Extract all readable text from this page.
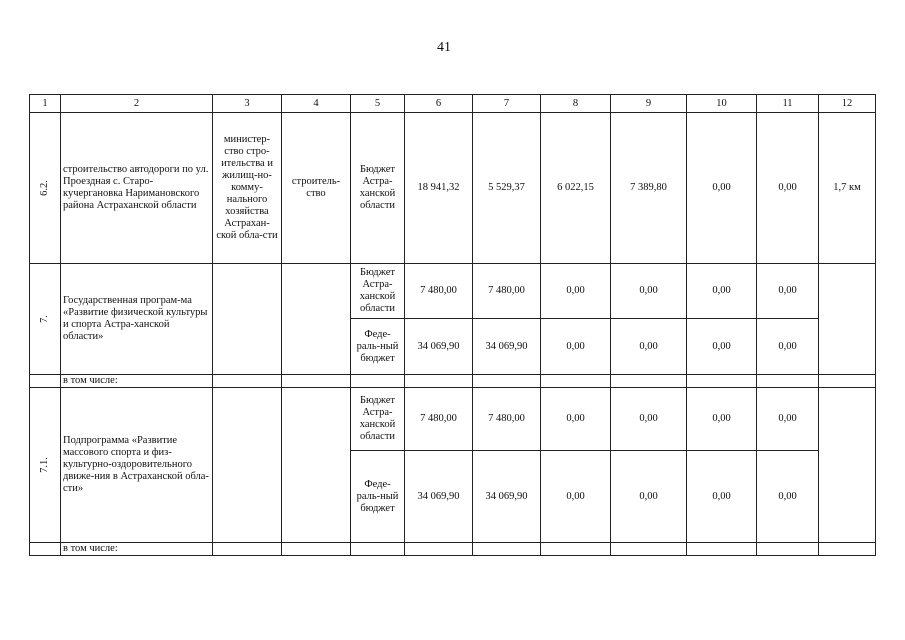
41
1	2	3	4	5	6	7	8	9	10	11	12
6.2.	строительство автодороги по ул. Проездная с. Старо-кучергановка Наримановского района Астраханской области	министер-ство стро-ительства и жилищ-но-комму-нального хозяйства Астрахан-ской обла-сти	строитель-ство	Бюджет Астра-ханской области	18 941,32	5 529,37	6 022,15	7 389,80	0,00	0,00	1,7 км
7.	Государственная програм-ма «Развитие физической культуры и спорта Астра-ханской области»			Бюджет Астра-ханской области	7 480,00	7 480,00	0,00	0,00	0,00	0,00	
				Феде-раль-ный бюджет	34 069,90	34 069,90	0,00	0,00	0,00	0,00	
	в том числе:										
7.1.	Подпрограмма «Развитие массового спорта и физ-культурно-оздоровительного движе-ния в Астраханской обла-сти»			Бюджет Астра-ханской области	7 480,00	7 480,00	0,00	0,00	0,00	0,00	
				Феде-раль-ный бюджет	34 069,90	34 069,90	0,00	0,00	0,00	0,00	
	в том числе:										
